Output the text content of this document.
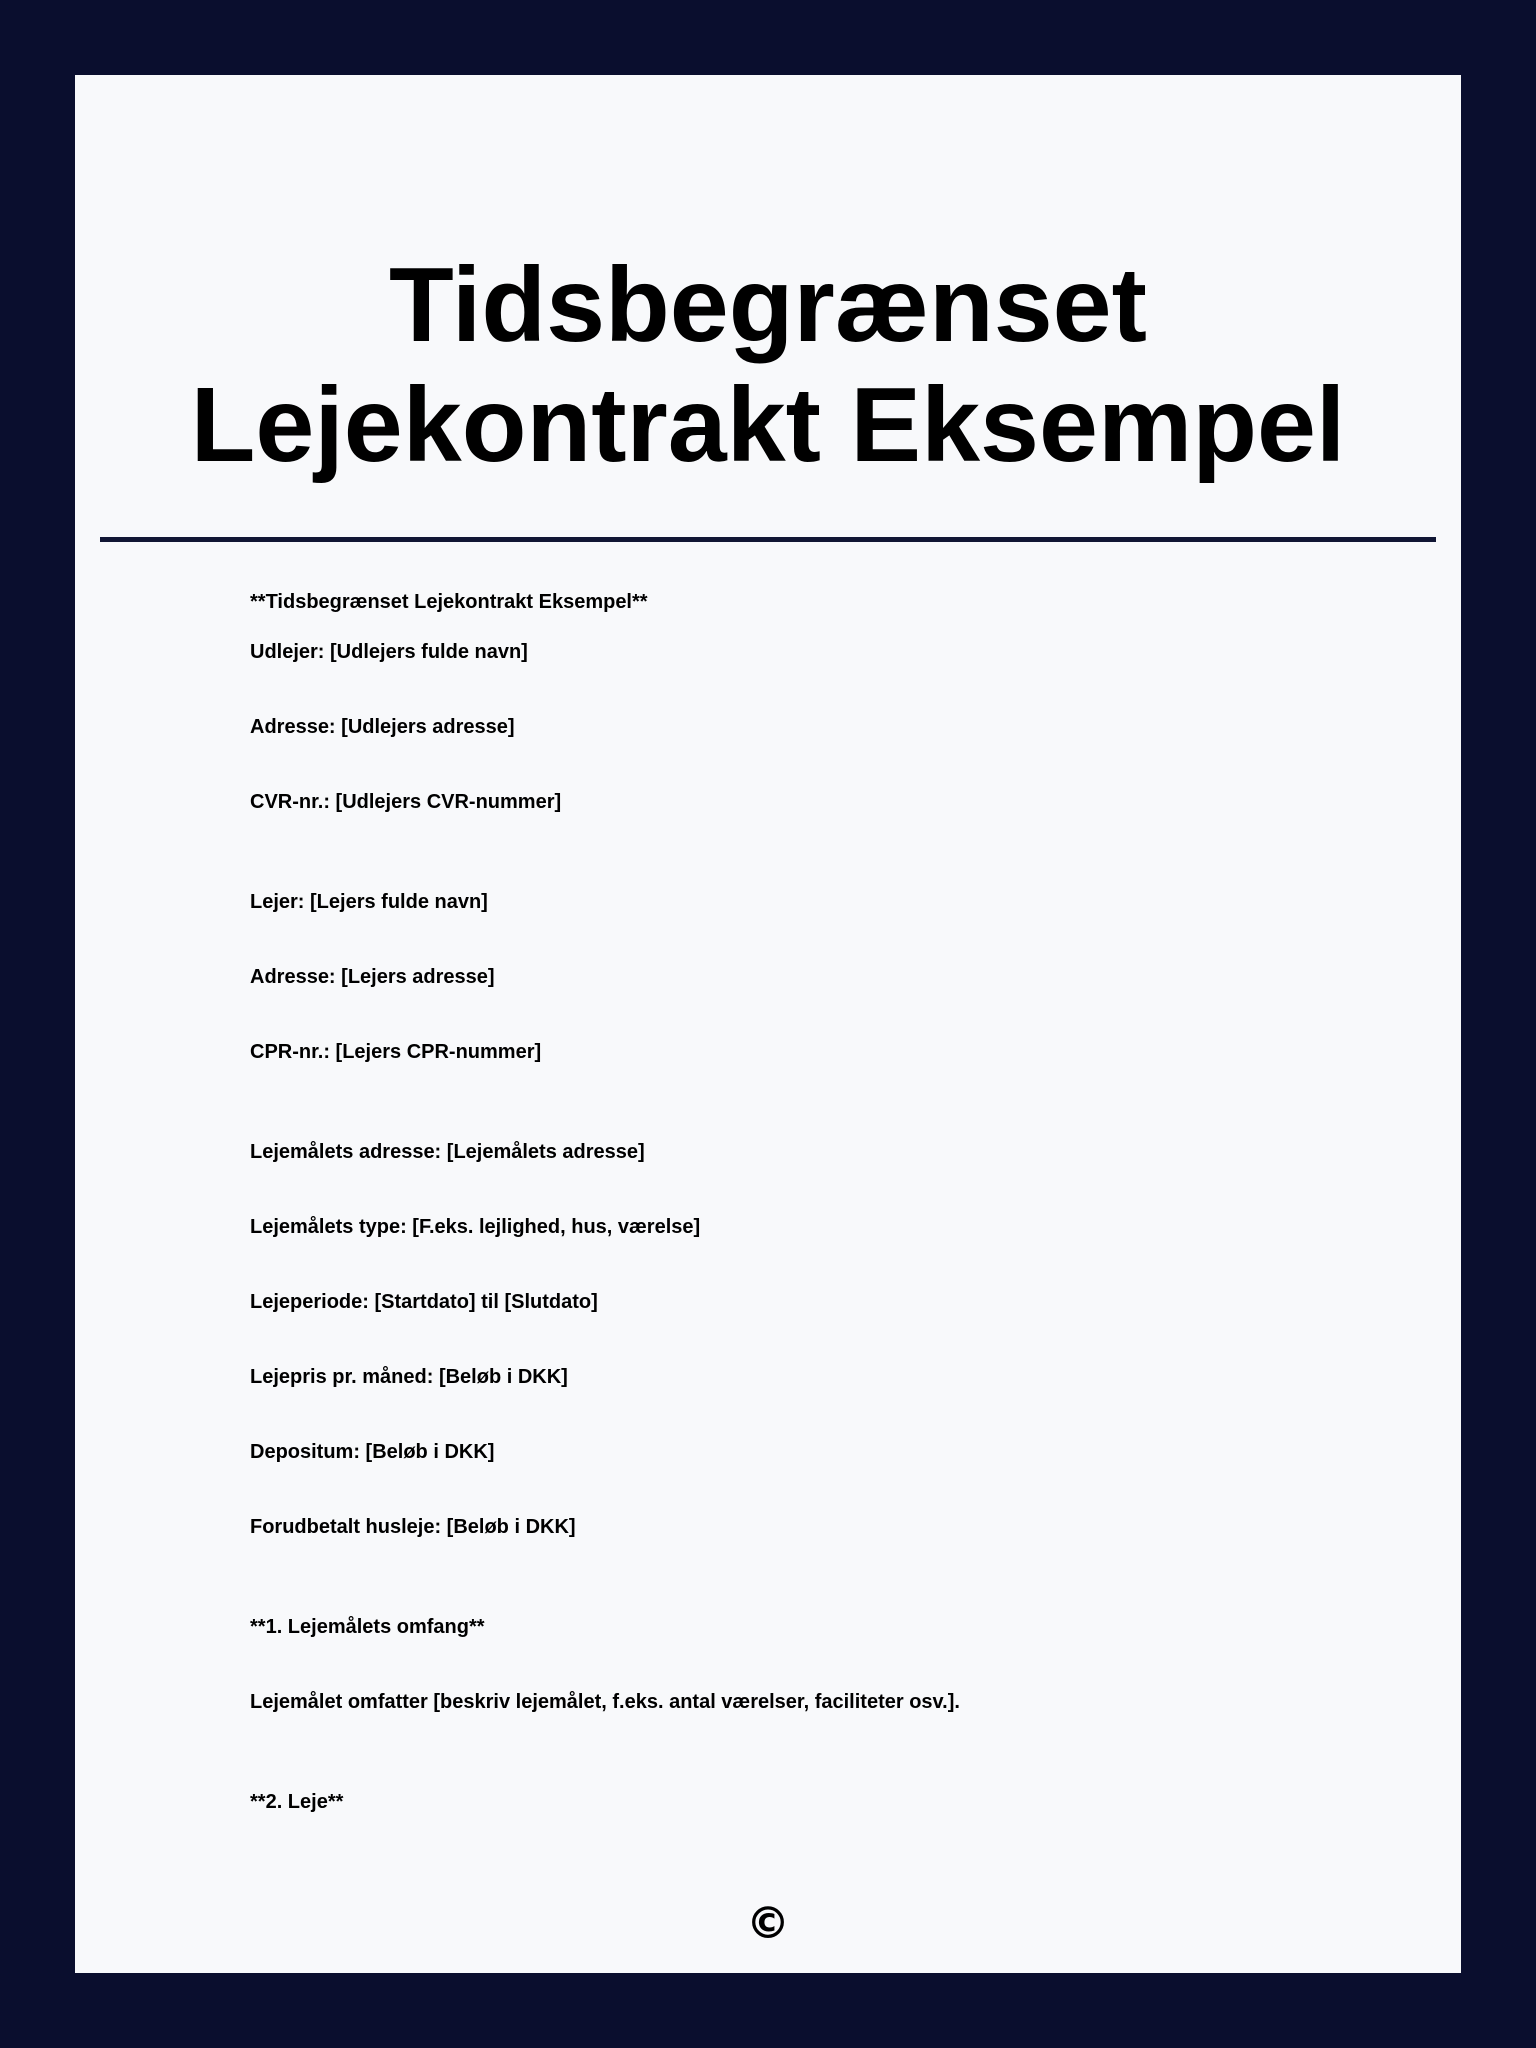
Tidsbegrænset Lejekontrakt Eksempel
**Tidsbegrænset Lejekontrakt Eksempel**
Udlejer: [Udlejers fulde navn]
Adresse: [Udlejers adresse]
CVR-nr.: [Udlejers CVR-nummer]
Lejer: [Lejers fulde navn]
Adresse: [Lejers adresse]
CPR-nr.: [Lejers CPR-nummer]
Lejemålets adresse: [Lejemålets adresse]
Lejemålets type: [F.eks. lejlighed, hus, værelse]
Lejeperiode: [Startdato] til [Slutdato]
Lejepris pr. måned: [Beløb i DKK]
Depositum: [Beløb i DKK]
Forudbetalt husleje: [Beløb i DKK]
**1. Lejemålets omfang**
Lejemålet omfatter [beskriv lejemålet, f.eks. antal værelser, faciliteter osv.].
**2. Leje**
©
